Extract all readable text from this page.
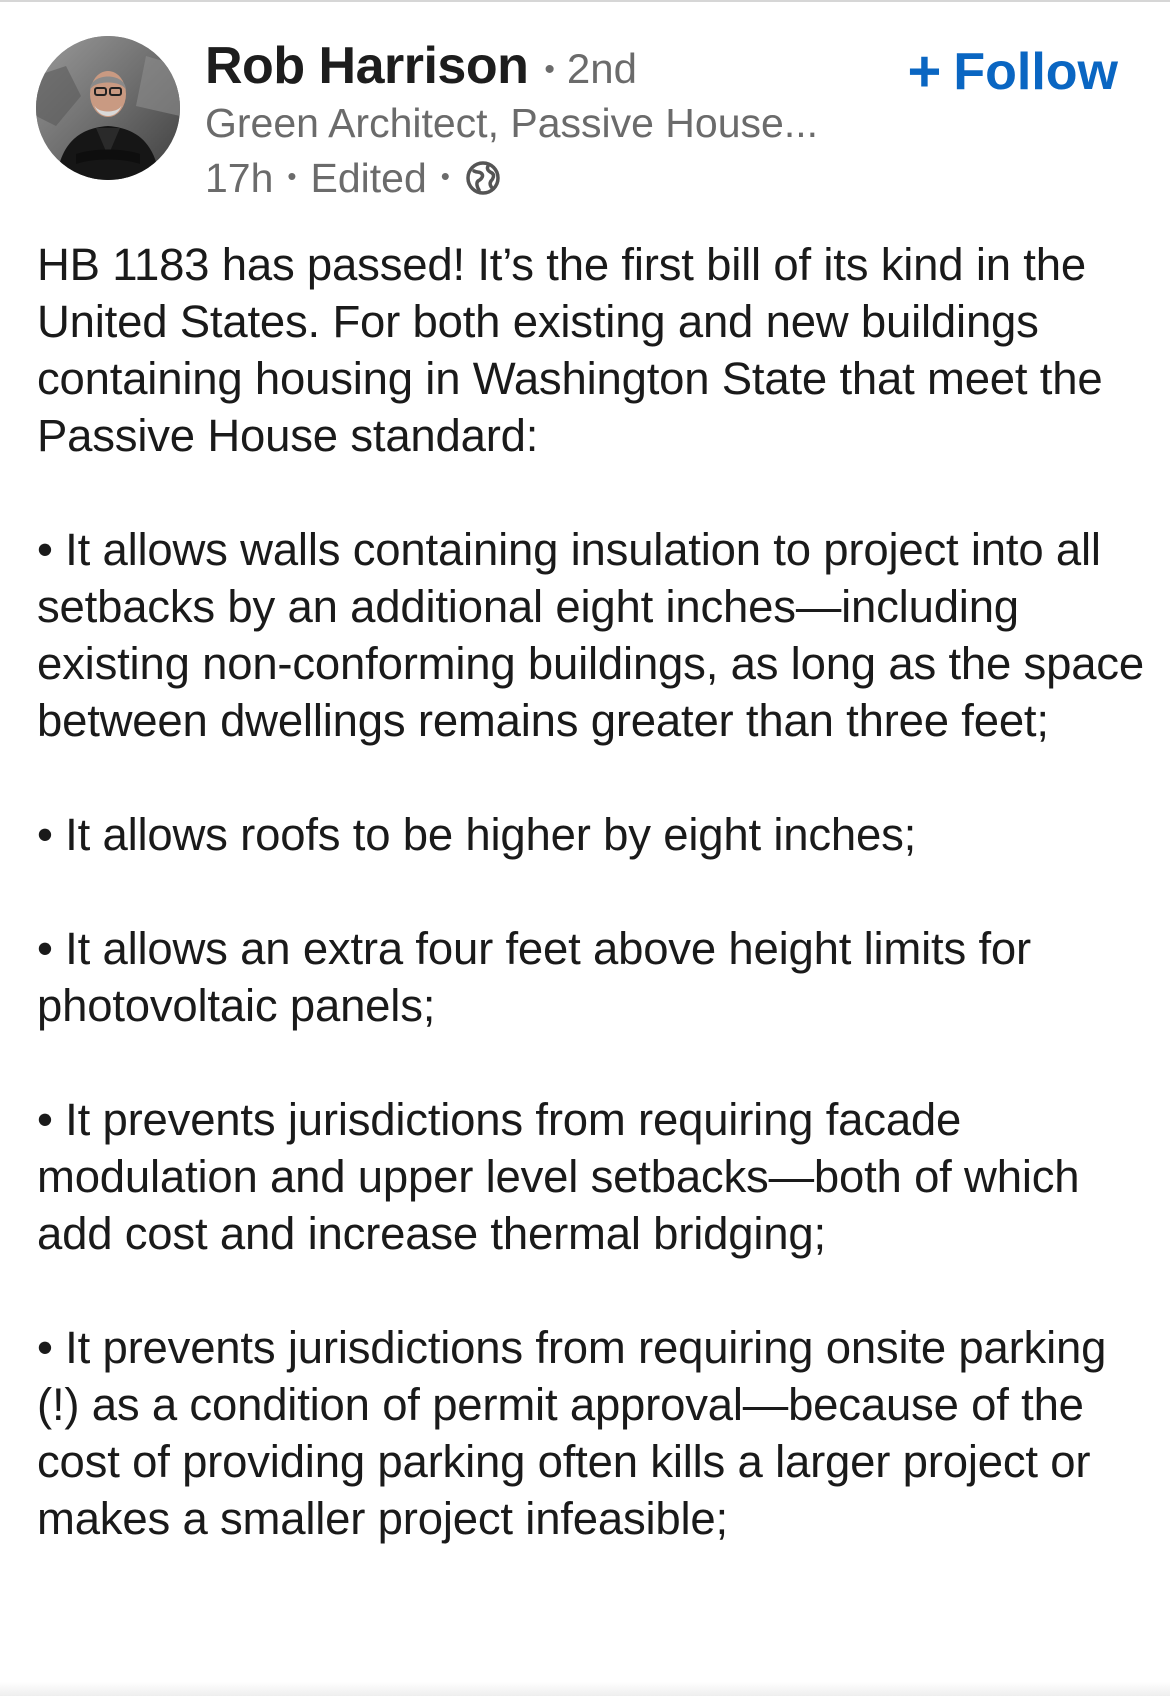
Rob Harrison • 2nd	+ Follow
Green Architect, Passive House...
17h • Edited •

HB 1183 has passed! It’s the first bill of its kind in the United States. For both existing and new buildings containing housing in Washington State that meet the Passive House standard:

• It allows walls containing insulation to project into all setbacks by an additional eight inches—including existing non-conforming buildings, as long as the space between dwellings remains greater than three feet;

• It allows roofs to be higher by eight inches;

• It allows an extra four feet above height limits for photovoltaic panels;

• It prevents jurisdictions from requiring facade modulation and upper level setbacks—both of which add cost and increase thermal bridging;

• It prevents jurisdictions from requiring onsite parking (!) as a condition of permit approval—because of the cost of providing parking often kills a larger project or makes a smaller project infeasible;
